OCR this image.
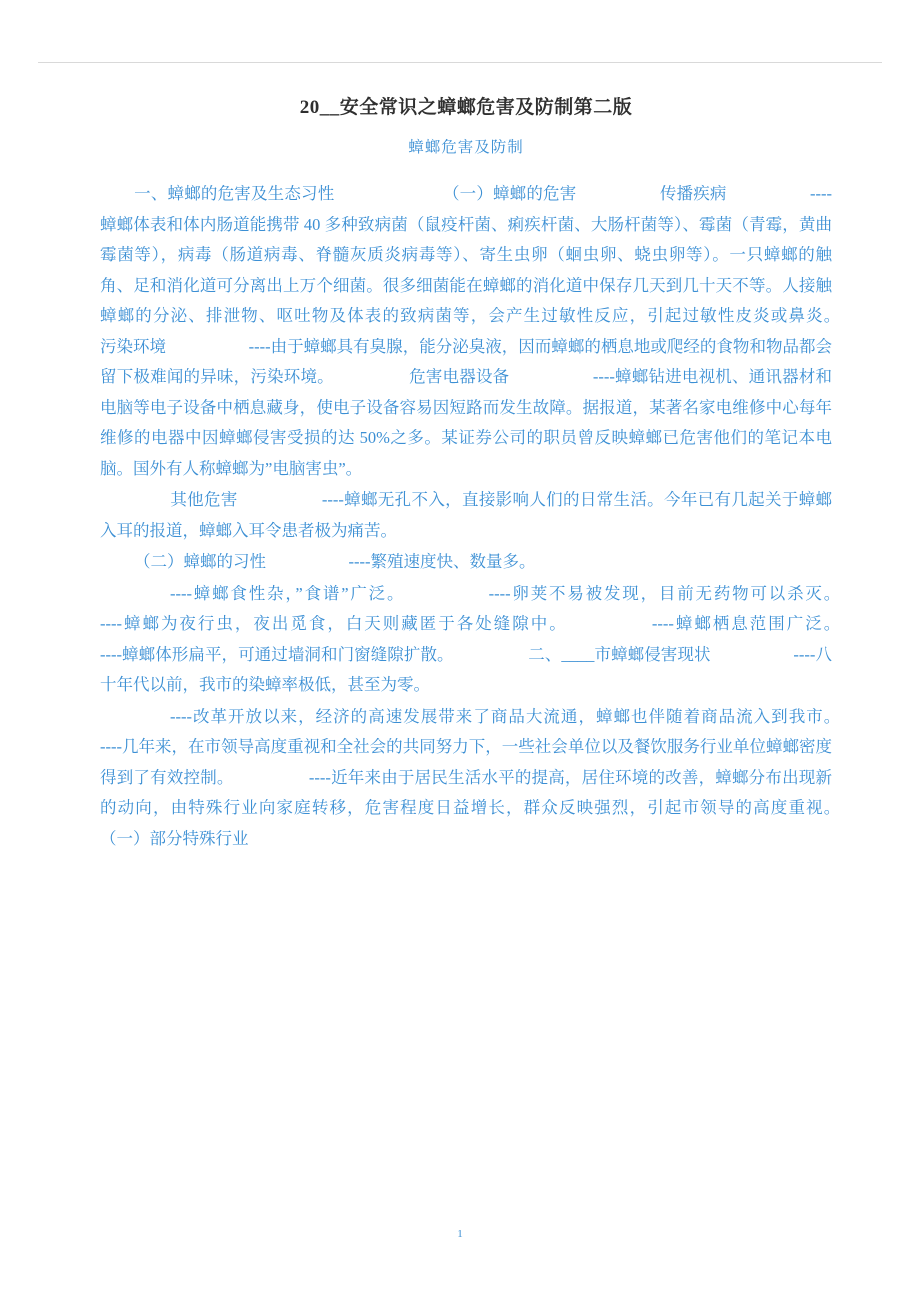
20__安全常识之蟑螂危害及防制第二版
蟑螂危害及防制

一、蟑螂的危害及生态习性　　　　　　　（一）蟑螂的危害　　　　　传播疾病　　　　　---- 蟑螂体表和体内肠道能携带 40 多种致病菌（鼠疫杆菌、痢疾杆菌、大肠杆菌等）、霉菌（青霉，黄曲霉菌等），病毒（肠道病毒、脊髓灰质炎病毒等）、寄生虫卵（蛔虫卵、蛲虫卵等）。一只蟑螂的触角、足和消化道可分离出上万个细菌。很多细菌能在蟑螂的消化道中保存几天到几十天不等。人接触蟑螂的分泌、排泄物、呕吐物及体表的致病菌等，会产生过敏性反应，引起过敏性皮炎或鼻炎。　　　　　污染环境　　　　　----由于蟑螂具有臭腺，能分泌臭液，因而蟑螂的栖息地或爬经的食物和物品都会留下极难闻的异味，污染环境。　　　　　危害电器设备　　　　　----蟑螂钻进电视机、通讯器材和电脑等电子设备中栖息藏身，使电子设备容易因短路而发生故障。据报道，某著名家电维修中心每年维修的电器中因蟑螂侵害受损的达 50%之多。某证券公司的职员曾反映蟑螂已危害他们的笔记本电脑。国外有人称蟑螂为”电脑害虫”。

其他危害　　　　　----蟑螂无孔不入，直接影响人们的日常生活。今年已有几起关于蟑螂入耳的报道，蟑螂入耳令患者极为痛苦。

（二）蟑螂的习性　　　　　----繁殖速度快、数量多。

----蟑螂食性杂，”食谱”广泛。　　　　　----卵荚不易被发现，目前无药物可以杀灭。　　　　　----蟑螂为夜行虫，夜出觅食，白天则藏匿于各处缝隙中。　　　　　----蟑螂栖息范围广泛。　　　　　----蟑螂体形扁平，可通过墙洞和门窗缝隙扩散。　　　　　二、____市蟑螂侵害现状　　　　　----八十年代以前，我市的染蟑率极低，甚至为零。

----改革开放以来，经济的高速发展带来了商品大流通，蟑螂也伴随着商品流入到我市。　　　　　----几年来，在市领导高度重视和全社会的共同努力下，一些社会单位以及餐饮服务行业单位蟑螂密度得到了有效控制。　　　　　----近年来由于居民生活水平的提高，居住环境的改善，蟑螂分布出现新的动向，由特殊行业向家庭转移，危害程度日益增长，群众反映强烈，引起市领导的高度重视。　　　　　（一）部分特殊行业

1
